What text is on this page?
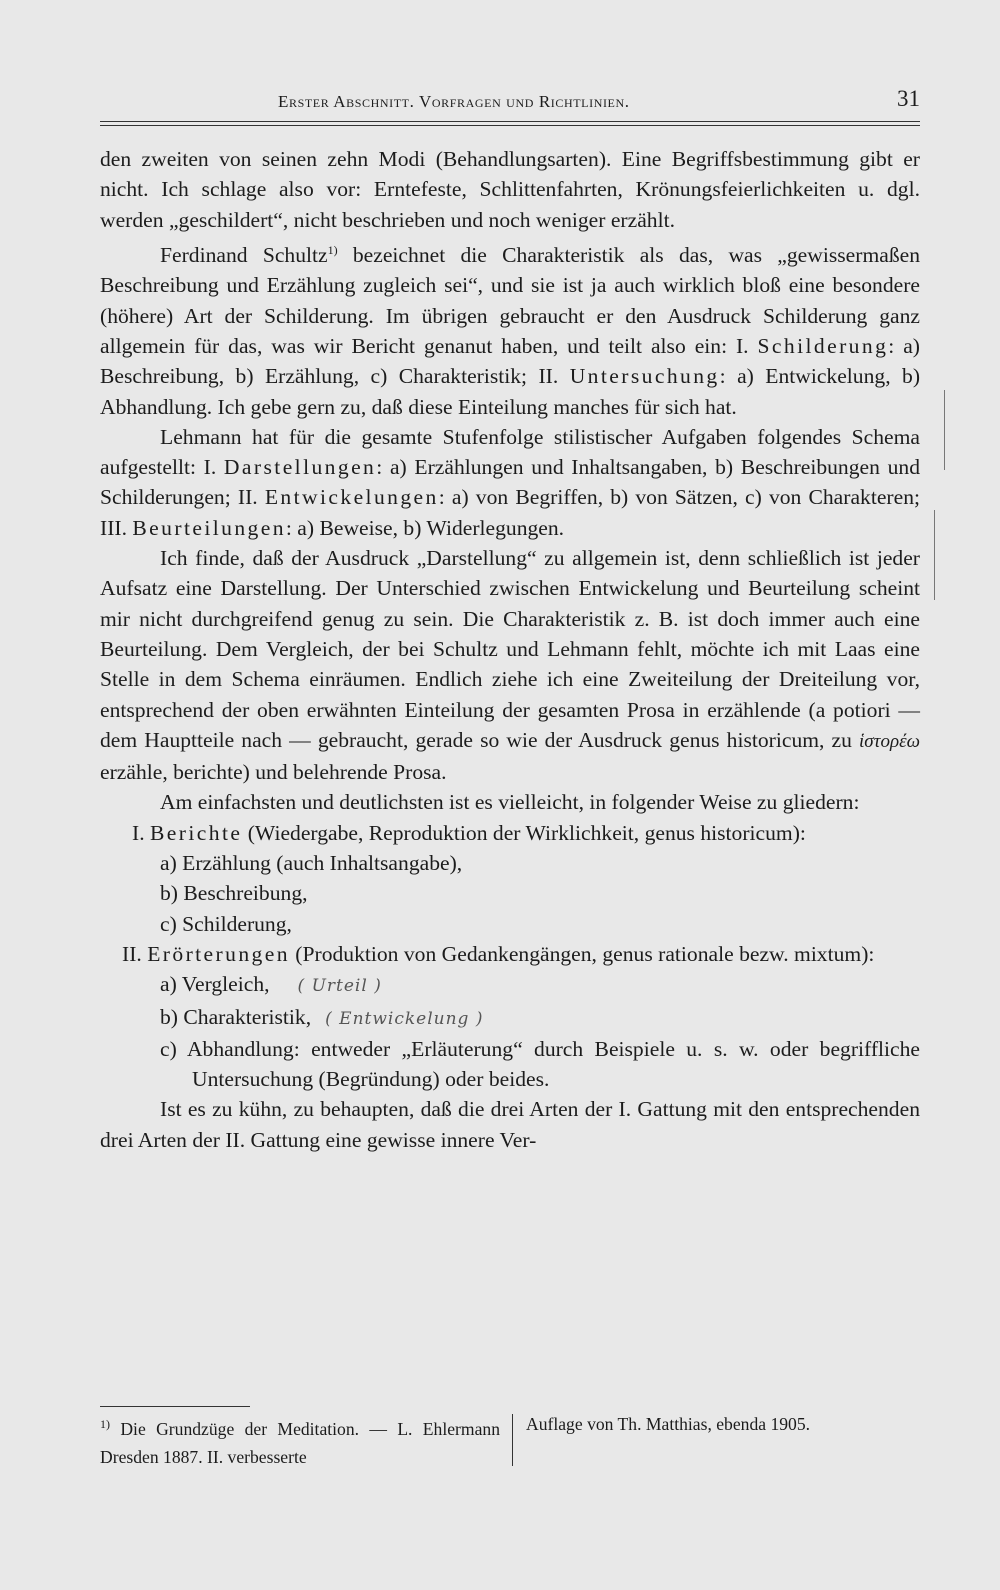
Erster Abschnitt. Vorfragen und Richtlinien.	31

den zweiten von seinen zehn Modi (Behandlungsarten). Eine Begriffsbestimmung gibt er nicht. Ich schlage also vor: Erntefeste, Schlittenfahrten, Krönungsfeierlichkeiten u. dgl. werden „geschildert“, nicht beschrieben und noch weniger erzählt.

Ferdinand Schultz$^{1)}$ bezeichnet die Charakteristik als das, was „gewissermaßen Beschreibung und Erzählung zugleich sei“, und sie ist ja auch wirklich bloß eine besondere (höhere) Art der Schilderung. Im übrigen gebraucht er den Ausdruck Schilderung ganz allgemein für das, was wir Bericht genanut haben, und teilt also ein: I. Schilderung: a) Beschreibung, b) Erzählung, c) Charakteristik; II. Untersuchung: a) Entwickelung, b) Abhandlung. Ich gebe gern zu, daß diese Einteilung manches für sich hat.

Lehmann hat für die gesamte Stufenfolge stilistischer Aufgaben folgendes Schema aufgestellt: I. Darstellungen: a) Erzählungen und Inhaltsangaben, b) Beschreibungen und Schilderungen; II. Entwickelungen: a) von Begriffen, b) von Sätzen, c) von Charakteren; III. Beurteilungen: a) Beweise, b) Widerlegungen.

Ich finde, daß der Ausdruck „Darstellung“ zu allgemein ist, denn schließlich ist jeder Aufsatz eine Darstellung. Der Unterschied zwischen Entwickelung und Beurteilung scheint mir nicht durchgreifend genug zu sein. Die Charakteristik z. B. ist doch immer auch eine Beurteilung. Dem Vergleich, der bei Schultz und Lehmann fehlt, möchte ich mit Laas eine Stelle in dem Schema einräumen. Endlich ziehe ich eine Zweiteilung der Dreiteilung vor, entsprechend der oben erwähnten Einteilung der gesamten Prosa in erzählende (a potiori — dem Hauptteile nach — gebraucht, gerade so wie der Ausdruck genus historicum, zu ἱστορέω erzähle, berichte) und belehrende Prosa.

Am einfachsten und deutlichsten ist es vielleicht, in folgender Weise zu gliedern:

I. Berichte (Wiedergabe, Reproduktion der Wirklichkeit, genus historicum):
a) Erzählung (auch Inhaltsangabe),
b) Beschreibung,
c) Schilderung,
II. Erörterungen (Produktion von Gedankengängen, genus rationale bezw. mixtum):
a) Vergleich, ( Urteil )
b) Charakteristik, ( Entwickelung )
c) Abhandlung: entweder „Erläuterung“ durch Beispiele u. s. w. oder begriffliche Untersuchung (Begründung) oder beides.

Ist es zu kühn, zu behaupten, daß die drei Arten der I. Gattung mit den entsprechenden drei Arten der II. Gattung eine gewisse innere Ver-

$^{1)}$ Die Grundzüge der Meditation. — L. Ehlermann Dresden 1887. II. verbesserte
Auflage von Th. Matthias, ebenda 1905.
